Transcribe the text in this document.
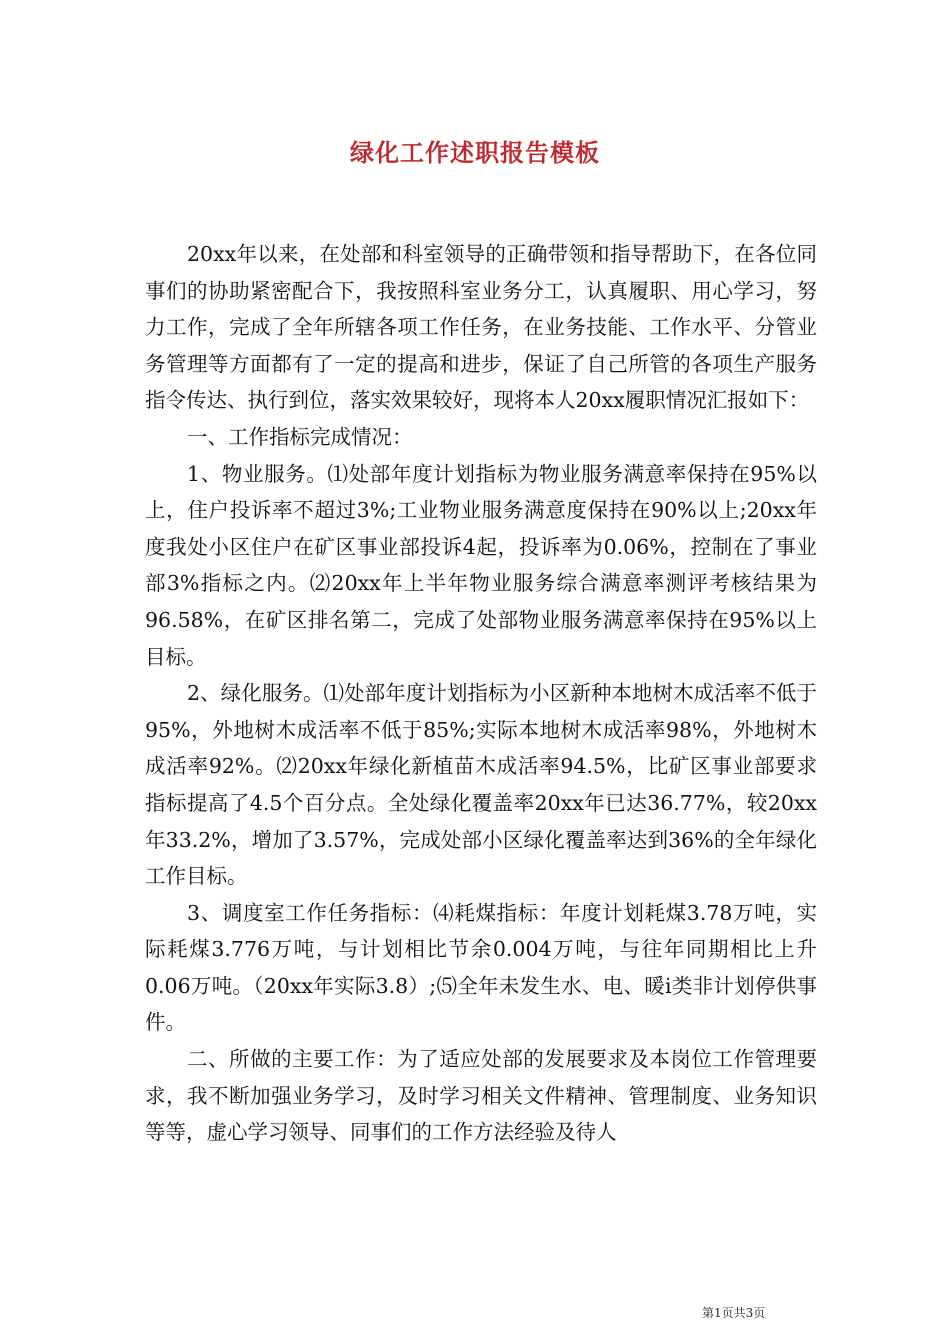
绿化工作述职报告模板

20xx年以来，在处部和科室领导的正确带领和指导帮助下，在各位同事们的协助紧密配合下，我按照科室业务分工，认真履职、用心学习，努力工作，完成了全年所辖各项工作任务，在业务技能、工作水平、分管业务管理等方面都有了一定的提高和进步，保证了自己所管的各项生产服务指令传达、执行到位，落实效果较好，现将本人20xx履职情况汇报如下：

一、工作指标完成情况：

1、物业服务。⑴处部年度计划指标为物业服务满意率保持在95%以上，住户投诉率不超过3%;工业物业服务满意度保持在90%以上;20xx年度我处小区住户在矿区事业部投诉4起，投诉率为0.06%，控制在了事业部3%指标之内。⑵20xx年上半年物业服务综合满意率测评考核结果为96.58%，在矿区排名第二，完成了处部物业服务满意率保持在95%以上目标。

2、绿化服务。⑴处部年度计划指标为小区新种本地树木成活率不低于95%，外地树木成活率不低于85%;实际本地树木成活率98%，外地树木成活率92%。⑵20xx年绿化新植苗木成活率94.5%，比矿区事业部要求指标提高了4.5个百分点。全处绿化覆盖率20xx年已达36.77%，较20xx年33.2%，增加了3.57%，完成处部小区绿化覆盖率达到36%的全年绿化工作目标。

3、调度室工作任务指标：⑷耗煤指标：年度计划耗煤3.78万吨，实际耗煤3.776万吨，与计划相比节余0.004万吨，与往年同期相比上升0.06万吨。（20xx年实际3.8）;⑸全年未发生水、电、暖ⅰ类非计划停供事件。

二、所做的主要工作：为了适应处部的发展要求及本岗位工作管理要求，我不断加强业务学习，及时学习相关文件精神、管理制度、业务知识等等，虚心学习领导、同事们的工作方法经验及待人

第1页共3页
